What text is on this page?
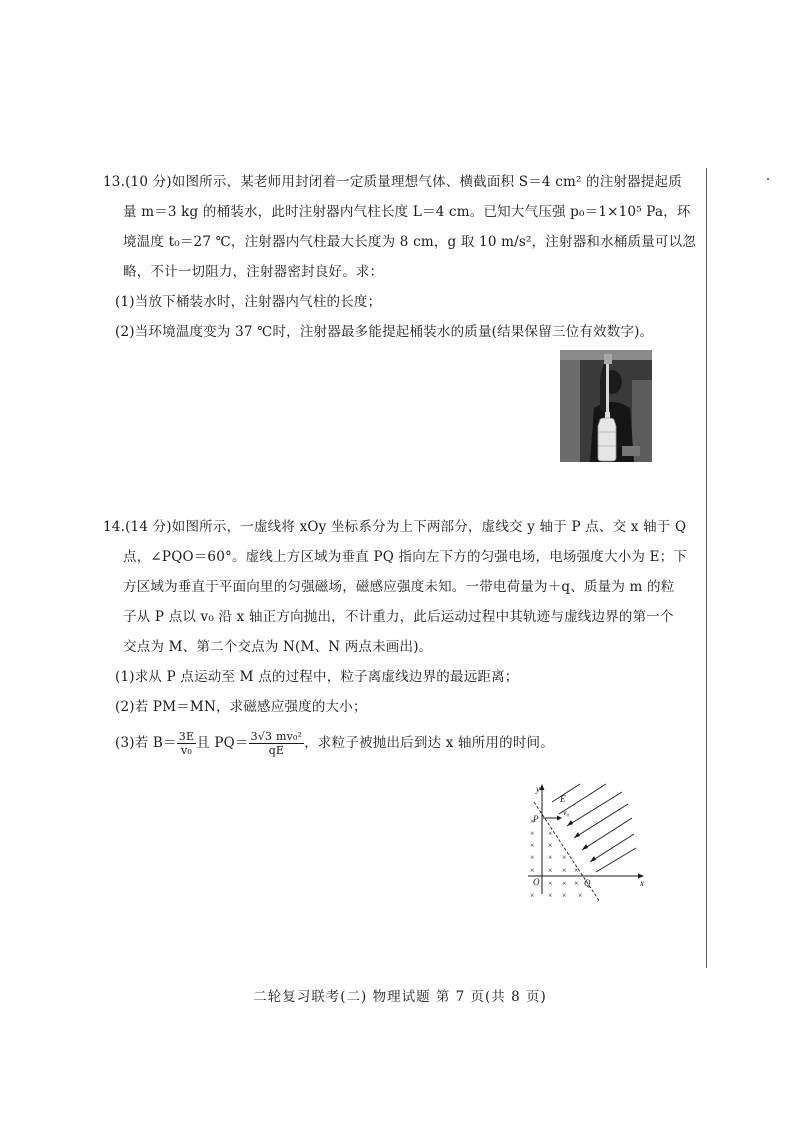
13.(10 分)如图所示，某老师用封闭着一定质量理想气体、横截面积 S＝4 cm² 的注射器提起质
量 m＝3 kg 的桶装水，此时注射器内气柱长度 L＝4 cm。已知大气压强 p₀＝1×10⁵ Pa，环
境温度 t₀＝27 ℃，注射器内气柱最大长度为 8 cm，g 取 10 m/s²，注射器和水桶质量可以忽
略，不计一切阻力，注射器密封良好。求：
(1)当放下桶装水时，注射器内气柱的长度；
(2)当环境温度变为 37 ℃时，注射器最多能提起桶装水的质量(结果保留三位有效数字)。
14.(14 分)如图所示，一虚线将 xOy 坐标系分为上下两部分，虚线交 y 轴于 P 点、交 x 轴于 Q
点，∠PQO＝60°。虚线上方区域为垂直 PQ 指向左下方的匀强电场，电场强度大小为 E；下
方区域为垂直于平面向里的匀强磁场，磁感应强度未知。一带电荷量为＋q、质量为 m 的粒
子从 P 点以 v₀ 沿 x 轴正方向抛出，不计重力，此后运动过程中其轨迹与虚线边界的第一个
交点为 M、第二个交点为 N(M、N 两点未画出)。
(1)求从 P 点运动至 M 点的过程中，粒子离虚线边界的最远距离；
(2)若 PM＝MN，求磁感应强度的大小；
(3)若 $B= \frac{3E}{\text{v₀}}$ 且 $PQ= \frac{\text{3√3 mv₀²}}{qE}$ ，求粒子被抛出后到达 x 轴所用的时间。
y
E
P
v₀
O	Q	x
×
× ×
× ×
× × ×
× × × ×
× × ×
× × × ×
二轮复习联考(二) 物理试题 第 7 页(共 8 页)
